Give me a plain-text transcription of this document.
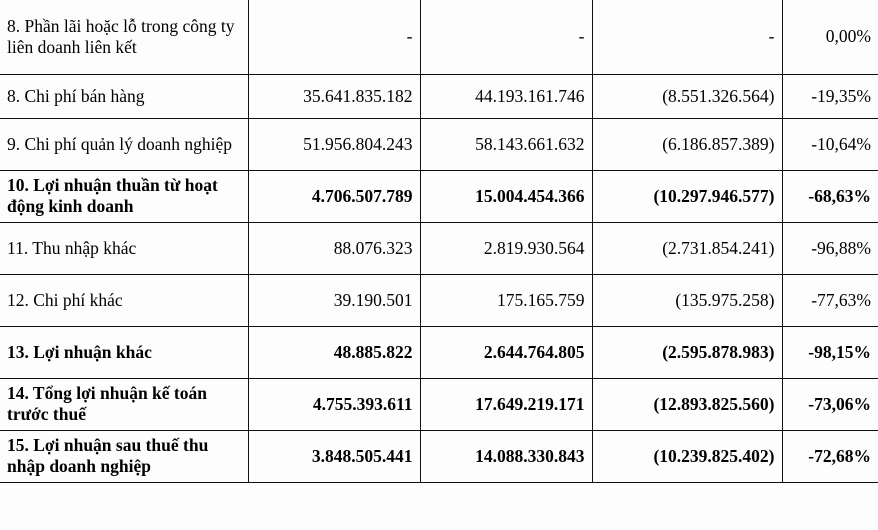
8. Phần lãi hoặc lỗ trong công ty liên doanh liên kết	-	-	-	0,00%
8. Chi phí bán hàng	35.641.835.182	44.193.161.746	(8.551.326.564)	-19,35%
9. Chi phí quản lý doanh nghiệp	51.956.804.243	58.143.661.632	(6.186.857.389)	-10,64%
10. Lợi nhuận thuần từ hoạt động kinh doanh	4.706.507.789	15.004.454.366	(10.297.946.577)	-68,63%
11. Thu nhập khác	88.076.323	2.819.930.564	(2.731.854.241)	-96,88%
12. Chi phí khác	39.190.501	175.165.759	(135.975.258)	-77,63%
13. Lợi nhuận khác	48.885.822	2.644.764.805	(2.595.878.983)	-98,15%
14. Tổng lợi nhuận kế toán trước thuế	4.755.393.611	17.649.219.171	(12.893.825.560)	-73,06%
15. Lợi nhuận sau thuế thu nhập doanh nghiệp	3.848.505.441	14.088.330.843	(10.239.825.402)	-72,68%
